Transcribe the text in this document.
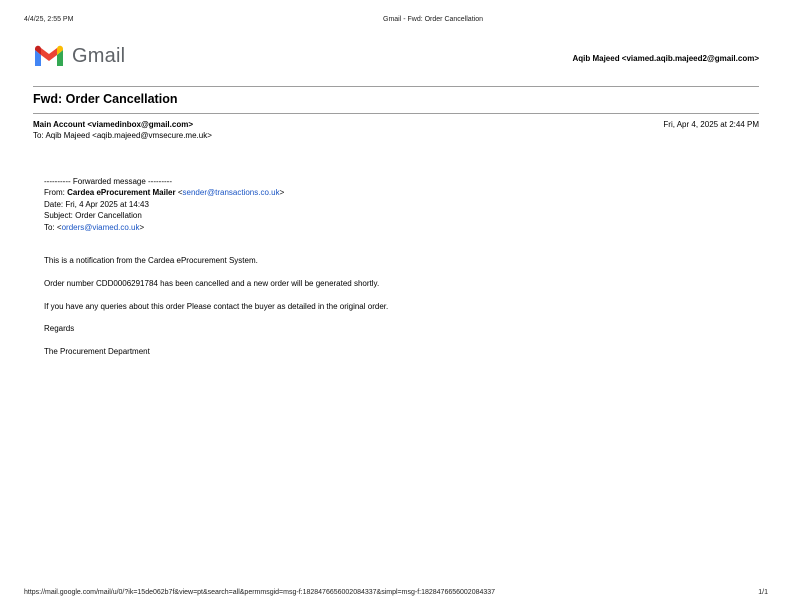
4/4/25, 2:55 PM	Gmail - Fwd: Order Cancellation
Gmail	Aqib Majeed <viamed.aqib.majeed2@gmail.com>
Fwd: Order Cancellation
Main Account <viamedinbox@gmail.com>
To: Aqib Majeed <aqib.majeed@vmsecure.me.uk>
Fri, Apr 4, 2025 at 2:44 PM
---------- Forwarded message ---------
From: Cardea eProcurement Mailer <sender@transactions.co.uk>
Date: Fri, 4 Apr 2025 at 14:43
Subject: Order Cancellation
To: <orders@viamed.co.uk>
This is a notification from the Cardea eProcurement System.
Order number CDD0006291784 has been cancelled and a new order will be generated shortly.
If you have any queries about this order Please contact the buyer as detailed in the original order.
Regards
The Procurement Department
https://mail.google.com/mail/u/0/?ik=15de062b7f&view=pt&search=all&permmsgid=msg-f:1828476656002084337&simpl=msg-f:1828476656002084337	1/1
